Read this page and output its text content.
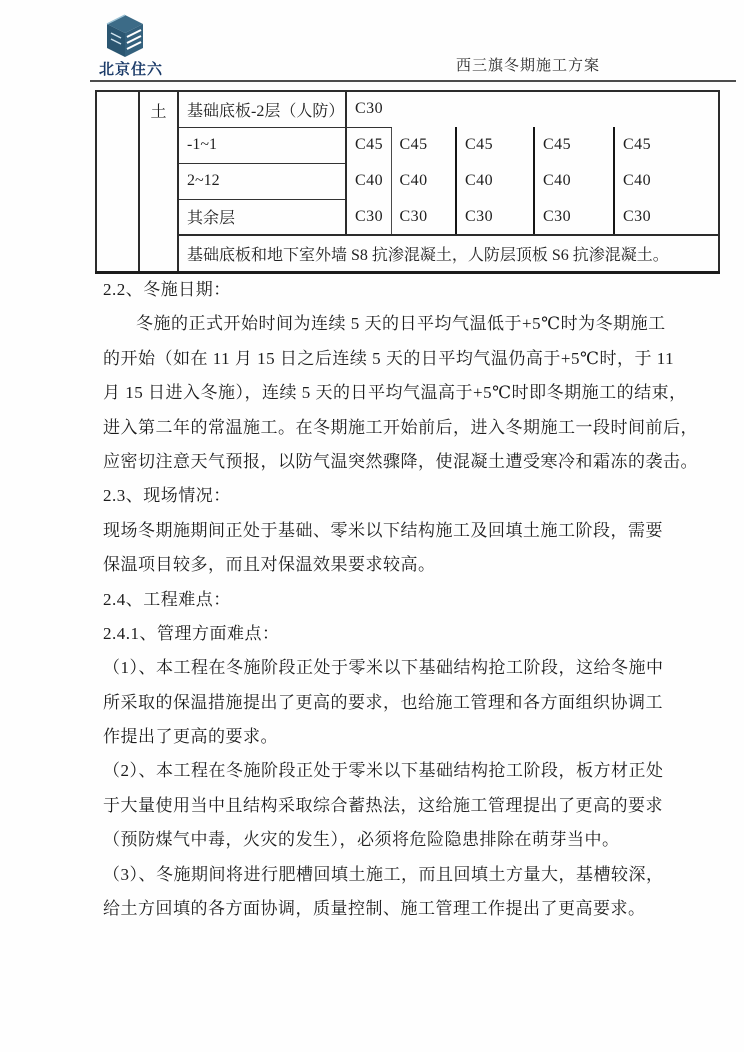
北京住六	西三旗冬期施工方案
	土	基础底板-2层（人防）	C30				
		-1~1	C45	C45	C45	C45	C45
		2~12	C40	C40	C40	C40	C40
		其余层	C30	C30	C30	C30	C30
		基础底板和地下室外墙 S8 抗渗混凝土，人防层顶板 S6 抗渗混凝土。					
2.2、冬施日期：
冬施的正式开始时间为连续 5 天的日平均气温低于+5℃时为冬期施工
的开始（如在 11 月 15 日之后连续 5 天的日平均气温仍高于+5℃时，于 11
月 15 日进入冬施），连续 5 天的日平均气温高于+5℃时即冬期施工的结束，
进入第二年的常温施工。在冬期施工开始前后，进入冬期施工一段时间前后，
应密切注意天气预报，以防气温突然骤降，使混凝土遭受寒冷和霜冻的袭击。
2.3、现场情况：
现场冬期施期间正处于基础、零米以下结构施工及回填土施工阶段，需要
保温项目较多，而且对保温效果要求较高。
2.4、工程难点：
2.4.1、管理方面难点：
（1）、本工程在冬施阶段正处于零米以下基础结构抢工阶段，这给冬施中
所采取的保温措施提出了更高的要求，也给施工管理和各方面组织协调工
作提出了更高的要求。
（2）、本工程在冬施阶段正处于零米以下基础结构抢工阶段，板方材正处
于大量使用当中且结构采取综合蓄热法，这给施工管理提出了更高的要求
（预防煤气中毒，火灾的发生），必须将危险隐患排除在萌芽当中。
（3）、冬施期间将进行肥槽回填土施工，而且回填土方量大，基槽较深，
给土方回填的各方面协调，质量控制、施工管理工作提出了更高要求。
